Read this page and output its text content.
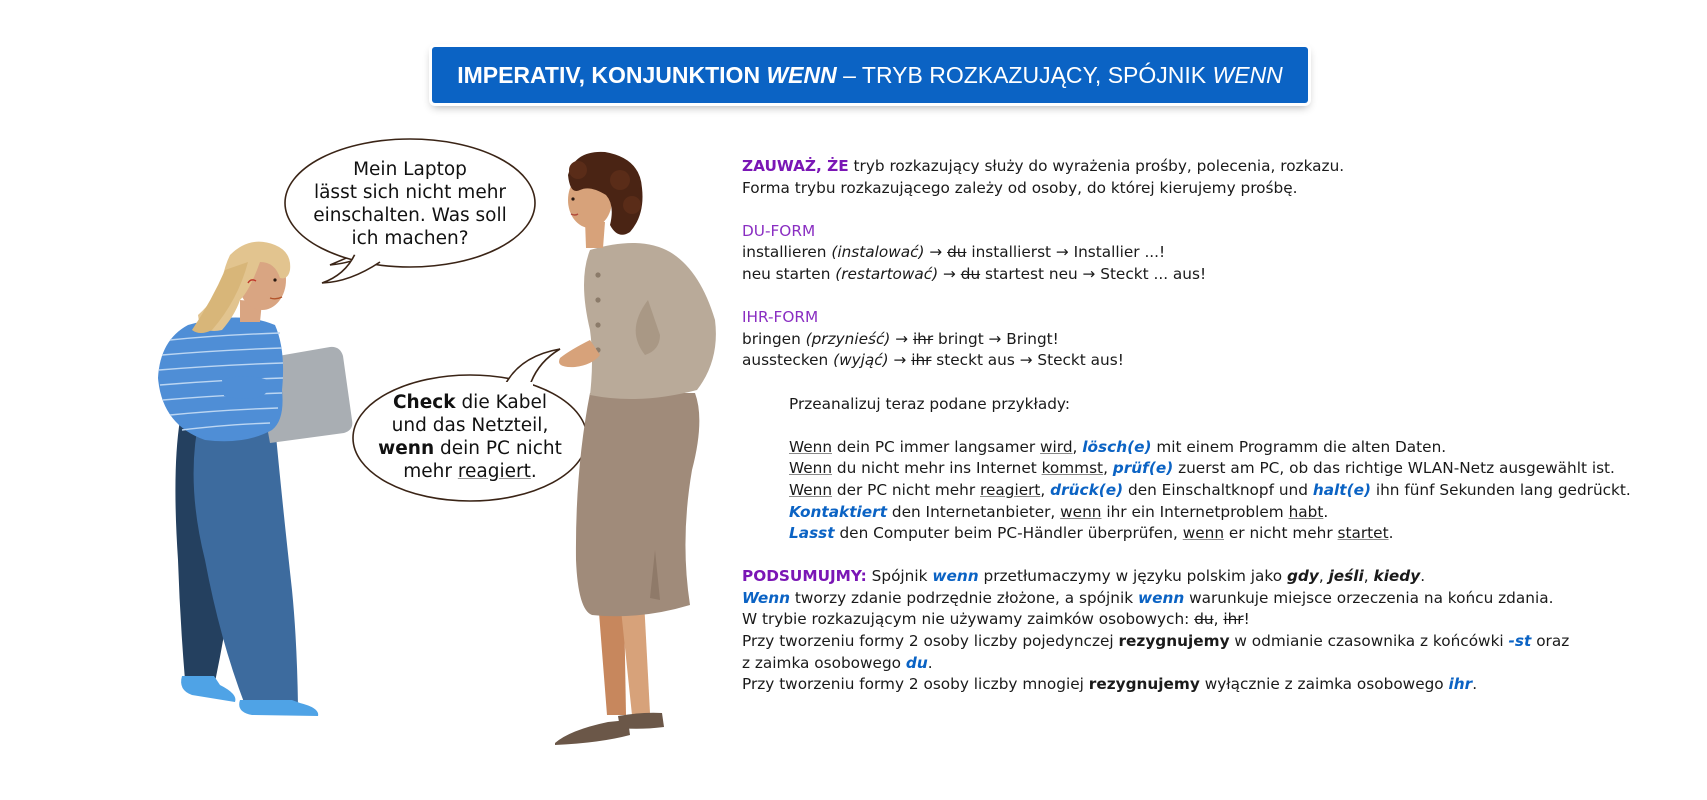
IMPERATIV, KONJUNKTION WENN – TRYB ROZKAZUJĄCY, SPÓJNIK WENN
Mein Laptop
lässt sich nicht mehr
einschalten. Was soll
ich machen?
Check die Kabel
und das Netzteil,
wenn dein PC nicht
mehr reagiert.
ZAUWAŻ, ŻE tryb rozkazujący służy do wyrażenia prośby, polecenia, rozkazu.
Forma trybu rozkazującego zależy od osoby, do której kierujemy prośbę.
DU-FORM
installieren (instalować) → du installierst → Installier ...!
neu starten (restartować) → du startest neu → Steckt ... aus!
IHR-FORM
bringen (przynieść) → ihr bringt → Bringt!
ausstecken (wyjąć) → ihr steckt aus → Steckt aus!
Przeanalizuj teraz podane przykłady:
Wenn dein PC immer langsamer wird, lösch(e) mit einem Programm die alten Daten.
Wenn du nicht mehr ins Internet kommst, prüf(e) zuerst am PC, ob das richtige WLAN-Netz ausgewählt ist.
Wenn der PC nicht mehr reagiert, drück(e) den Einschaltknopf und halt(e) ihn fünf Sekunden lang gedrückt.
Kontaktiert den Internetanbieter, wenn ihr ein Internetproblem habt.
Lasst den Computer beim PC-Händler überprüfen, wenn er nicht mehr startet.
PODSUMUJMY: Spójnik wenn przetłumaczymy w języku polskim jako gdy, jeśli, kiedy.
Wenn tworzy zdanie podrzędnie złożone, a spójnik wenn warunkuje miejsce orzeczenia na końcu zdania.
W trybie rozkazującym nie używamy zaimków osobowych: du, ihr!
Przy tworzeniu formy 2 osoby liczby pojedynczej rezygnujemy w odmianie czasownika z końcówki -st oraz
z zaimka osobowego du.
Przy tworzeniu formy 2 osoby liczby mnogiej rezygnujemy wyłącznie z zaimka osobowego ihr.
